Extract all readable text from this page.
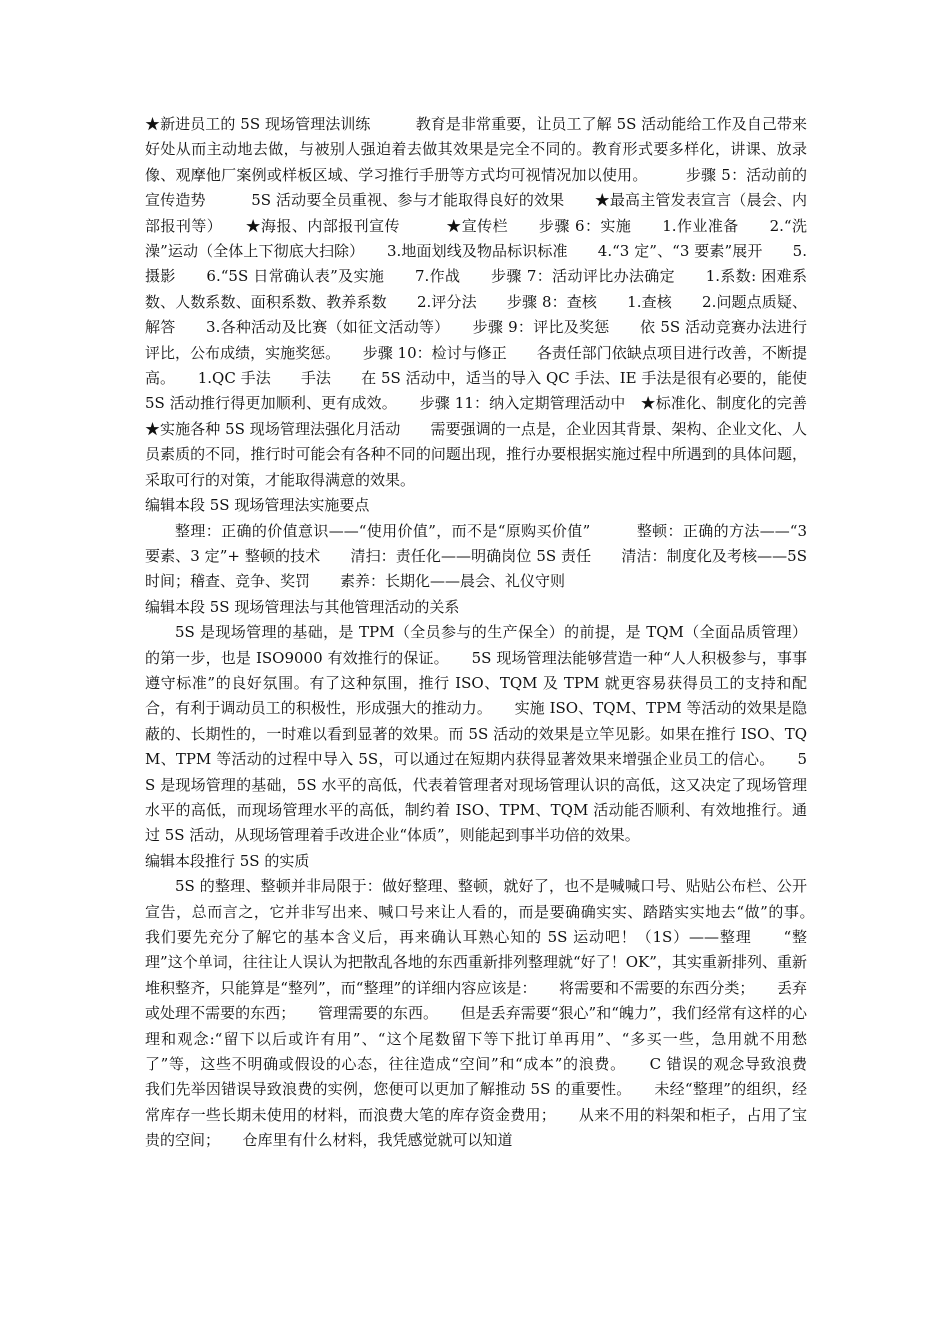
★新进员工的 5S 现场管理法训练　　　教育是非常重要，让员工了解 5S 活动能给工作及自己带来好处从而主动地去做，与被别人强迫着去做其效果是完全不同的。教育形式要多样化，讲课、放录像、观摩他厂案例或样板区域、学习推行手册等方式均可视情况加以使用。　　　步骤 5：活动前的宣传造势　　　5S 活动要全员重视、参与才能取得良好的效果　　★最高主管发表宣言（晨会、内部报刊等）　　★海报、内部报刊宣传　　　★宣传栏　　步骤 6：实施　　1.作业准备　　2.“洗澡”运动（全体上下彻底大扫除）　　3.地面划线及物品标识标准　　4.“3 定”、“3 要素”展开　　5.摄影　　6.“5S 日常确认表”及实施　　7.作战　　步骤 7：活动评比办法确定　　1.系数: 困难系数、人数系数、面积系数、教养系数　　2.评分法　　步骤 8：查核　　1.查核　　2.问题点质疑、解答　　3.各种活动及比赛（如征文活动等）　　步骤 9：评比及奖惩　　依 5S 活动竞赛办法进行评比，公布成绩，实施奖惩。　　步骤 10：检讨与修正　　各责任部门依缺点项目进行改善，不断提高。　　1.QC 手法　　手法　　在 5S 活动中，适当的导入 QC 手法、IE 手法是很有必要的，能使 5S 活动推行得更加顺利、更有成效。　　步骤 11：纳入定期管理活动中　★标准化、制度化的完善　　★实施各种 5S 现场管理法强化月活动　　需要强调的一点是，企业因其背景、架构、企业文化、人员素质的不同，推行时可能会有各种不同的问题出现，推行办要根据实施过程中所遇到的具体问题，采取可行的对策，才能取得满意的效果。

编辑本段 5S 现场管理法实施要点

整理：正确的价值意识——“使用价值”，而不是“原购买价值”　　　整顿：正确的方法——“3 要素、3 定”+ 整顿的技术　　清扫：责任化——明确岗位 5S 责任　　清洁：制度化及考核——5S 时间；稽查、竞争、奖罚　　素养：长期化——晨会、礼仪守则

编辑本段 5S 现场管理法与其他管理活动的关系

5S 是现场管理的基础，是 TPM（全员参与的生产保全）的前提，是 TQM（全面品质管理）的第一步，也是 ISO9000 有效推行的保证。　　5S 现场管理法能够营造一种“人人积极参与，事事遵守标准”的良好氛围。有了这种氛围，推行 ISO、TQM 及 TPM 就更容易获得员工的支持和配合，有利于调动员工的积极性，形成强大的推动力。　　实施 ISO、TQM、TPM 等活动的效果是隐蔽的、长期性的，一时难以看到显著的效果。而 5S 活动的效果是立竿见影。如果在推行 ISO、TQM、TPM 等活动的过程中导入 5S，可以通过在短期内获得显著效果来增强企业员工的信心。　　5S 是现场管理的基础，5S 水平的高低，代表着管理者对现场管理认识的高低，这又决定了现场管理水平的高低，而现场管理水平的高低，制约着 ISO、TPM、TQM 活动能否顺利、有效地推行。通过 5S 活动，从现场管理着手改进企业“体质”，则能起到事半功倍的效果。

编辑本段推行 5S 的实质

5S 的整理、整顿并非局限于：做好整理、整顿，就好了，也不是喊喊口号、贴贴公布栏、公开宣告，总而言之，它并非写出来、喊口号来让人看的，而是要确确实实、踏踏实实地去“做”的事。　　我们要先充分了解它的基本含义后，再来确认耳熟心知的 5S 运动吧！（1S）——整理　　“整理”这个单词，往往让人误认为把散乱各地的东西重新排列整理就“好了！OK”，其实重新排列、重新堆积整齐，只能算是“整列”，而“整理”的详细内容应该是：　　将需要和不需要的东西分类；　　丢弃或处理不需要的东西；　　管理需要的东西。　　但是丢弃需要“狠心”和“魄力”，我们经常有这样的心理和观念:“留下以后或许有用”、“这个尾数留下等下批订单再用”、“多买一些，急用就不用愁了”等，这些不明确或假设的心态，往往造成“空间”和“成本”的浪费。　　C 错误的观念导致浪费　　我们先举因错误导致浪费的实例，您便可以更加了解推动 5S 的重要性。　　未经“整理”的组织，经常库存一些长期未使用的材料，而浪费大笔的库存资金费用；　　从来不用的料架和柜子，占用了宝贵的空间；　　仓库里有什么材料，我凭感觉就可以知道
